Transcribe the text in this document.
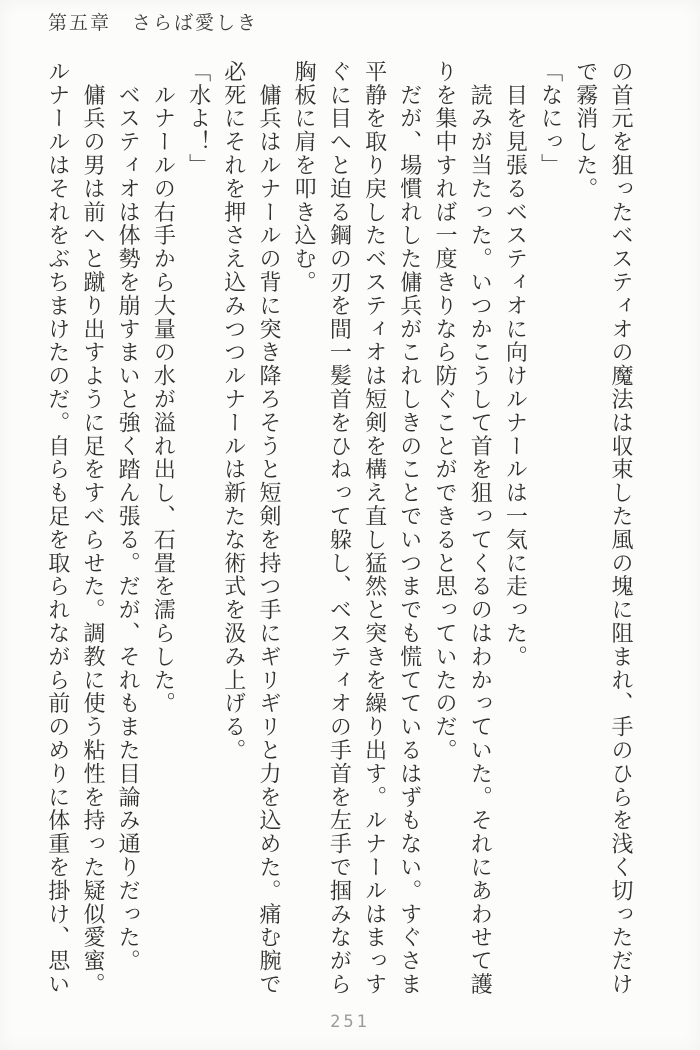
第五章　さらば愛しき
の首元を狙ったベスティオの魔法は収束した風の塊に阻まれ、手のひらを浅く切っただけ
で霧消した。
「なにっ」
　目を見張るベスティオに向けルナールは一気に走った。
　読みが当たった。いつかこうして首を狙ってくるのはわかっていた。それにあわせて護
りを集中すれば一度きりなら防ぐことができると思っていたのだ。
　だが、場慣れした傭兵がこれしきのことでいつまでも慌てているはずもない。すぐさま
平静を取り戻したベスティオは短剣を構え直し猛然と突きを繰り出す。ルナールはまっす
ぐに目へと迫る鋼の刃を間一髪首をひねって躱し、ベスティオの手首を左手で掴みながら
胸板に肩を叩き込む。
　傭兵はルナールの背に突き降ろそうと短剣を持つ手にギリギリと力を込めた。痛む腕で
必死にそれを押さえ込みつつルナールは新たな術式を汲み上げる。
「水よ！」
　ルナールの右手から大量の水が溢れ出し、石畳を濡らした。
　ベスティオは体勢を崩すまいと強く踏ん張る。だが、それもまた目論み通りだった。
　傭兵の男は前へと蹴り出すように足をすべらせた。調教に使う粘性を持った疑似愛蜜。
ルナールはそれをぶちまけたのだ。自らも足を取られながら前のめりに体重を掛け、思い
251
